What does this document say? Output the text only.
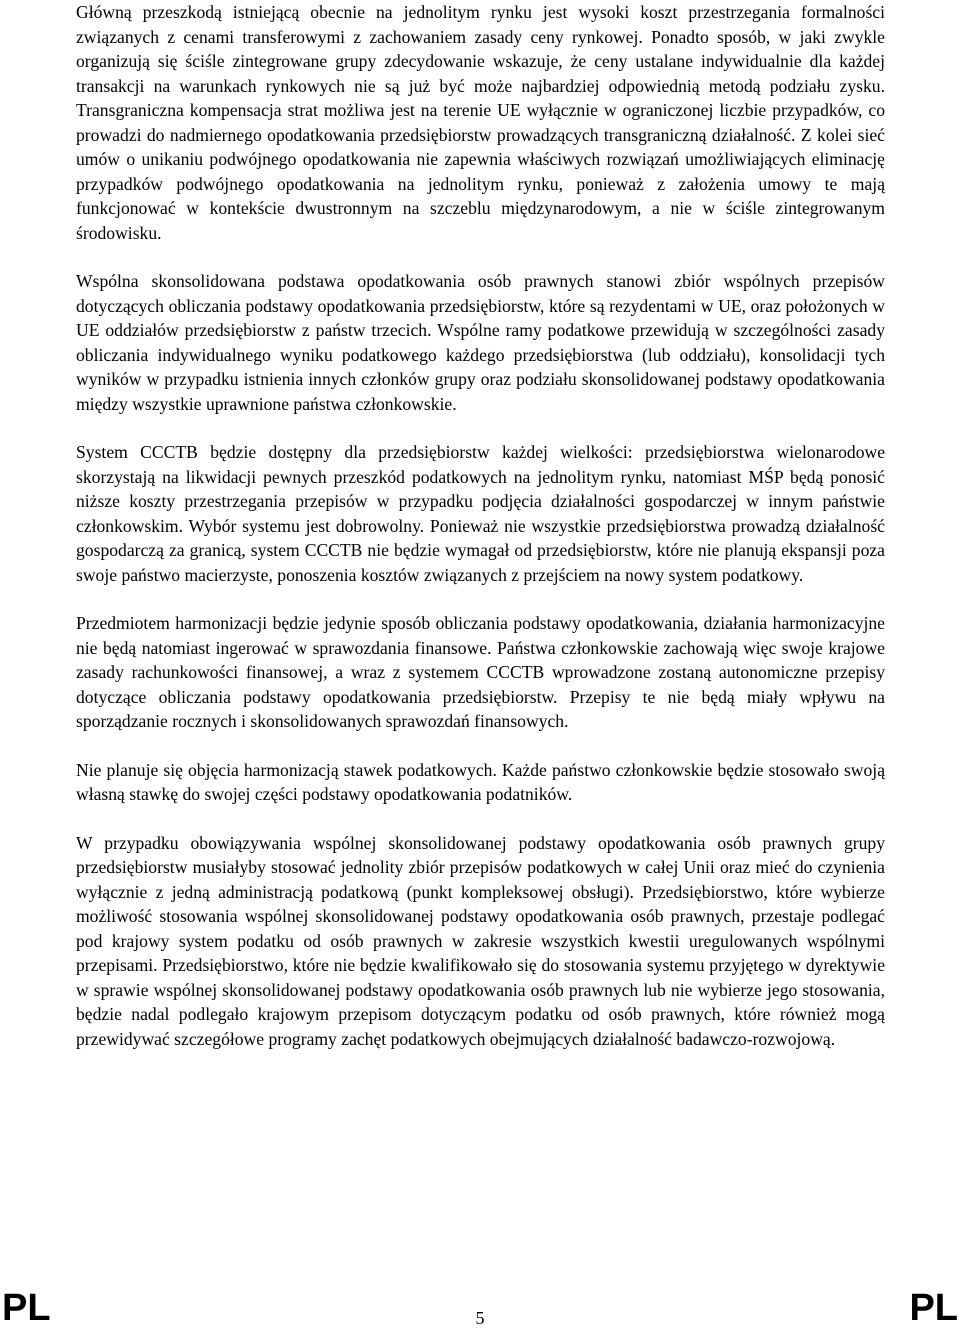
Główną przeszkodą istniejącą obecnie na jednolitym rynku jest wysoki koszt przestrzegania formalności związanych z cenami transferowymi z zachowaniem zasady ceny rynkowej. Ponadto sposób, w jaki zwykle organizują się ściśle zintegrowane grupy zdecydowanie wskazuje, że ceny ustalane indywidualnie dla każdej transakcji na warunkach rynkowych nie są już być może najbardziej odpowiednią metodą podziału zysku. Transgraniczna kompensacja strat możliwa jest na terenie UE wyłącznie w ograniczonej liczbie przypadków, co prowadzi do nadmiernego opodatkowania przedsiębiorstw prowadzących transgraniczną działalność. Z kolei sieć umów o unikaniu podwójnego opodatkowania nie zapewnia właściwych rozwiązań umożliwiających eliminację przypadków podwójnego opodatkowania na jednolitym rynku, ponieważ z założenia umowy te mają funkcjonować w kontekście dwustronnym na szczeblu międzynarodowym, a nie w ściśle zintegrowanym środowisku.

Wspólna skonsolidowana podstawa opodatkowania osób prawnych stanowi zbiór wspólnych przepisów dotyczących obliczania podstawy opodatkowania przedsiębiorstw, które są rezydentami w UE, oraz położonych w UE oddziałów przedsiębiorstw z państw trzecich. Wspólne ramy podatkowe przewidują w szczególności zasady obliczania indywidualnego wyniku podatkowego każdego przedsiębiorstwa (lub oddziału), konsolidacji tych wyników w przypadku istnienia innych członków grupy oraz podziału skonsolidowanej podstawy opodatkowania między wszystkie uprawnione państwa członkowskie.

System CCCTB będzie dostępny dla przedsiębiorstw każdej wielkości: przedsiębiorstwa wielonarodowe skorzystają na likwidacji pewnych przeszkód podatkowych na jednolitym rynku, natomiast MŚP będą ponosić niższe koszty przestrzegania przepisów w przypadku podjęcia działalności gospodarczej w innym państwie członkowskim. Wybór systemu jest dobrowolny. Ponieważ nie wszystkie przedsiębiorstwa prowadzą działalność gospodarczą za granicą, system CCCTB nie będzie wymagał od przedsiębiorstw, które nie planują ekspansji poza swoje państwo macierzyste, ponoszenia kosztów związanych z przejściem na nowy system podatkowy.

Przedmiotem harmonizacji będzie jedynie sposób obliczania podstawy opodatkowania, działania harmonizacyjne nie będą natomiast ingerować w sprawozdania finansowe. Państwa członkowskie zachowają więc swoje krajowe zasady rachunkowości finansowej, a wraz z systemem CCCTB wprowadzone zostaną autonomiczne przepisy dotyczące obliczania podstawy opodatkowania przedsiębiorstw. Przepisy te nie będą miały wpływu na sporządzanie rocznych i skonsolidowanych sprawozdań finansowych.

Nie planuje się objęcia harmonizacją stawek podatkowych. Każde państwo członkowskie będzie stosowało swoją własną stawkę do swojej części podstawy opodatkowania podatników.

W przypadku obowiązywania wspólnej skonsolidowanej podstawy opodatkowania osób prawnych grupy przedsiębiorstw musiałyby stosować jednolity zbiór przepisów podatkowych w całej Unii oraz mieć do czynienia wyłącznie z jedną administracją podatkową (punkt kompleksowej obsługi). Przedsiębiorstwo, które wybierze możliwość stosowania wspólnej skonsolidowanej podstawy opodatkowania osób prawnych, przestaje podlegać pod krajowy system podatku od osób prawnych w zakresie wszystkich kwestii uregulowanych wspólnymi przepisami. Przedsiębiorstwo, które nie będzie kwalifikowało się do stosowania systemu przyjętego w dyrektywie w sprawie wspólnej skonsolidowanej podstawy opodatkowania osób prawnych lub nie wybierze jego stosowania, będzie nadal podlegało krajowym przepisom dotyczącym podatku od osób prawnych, które również mogą przewidywać szczegółowe programy zachęt podatkowych obejmujących działalność badawczo-rozwojową.

PL	5	PL
